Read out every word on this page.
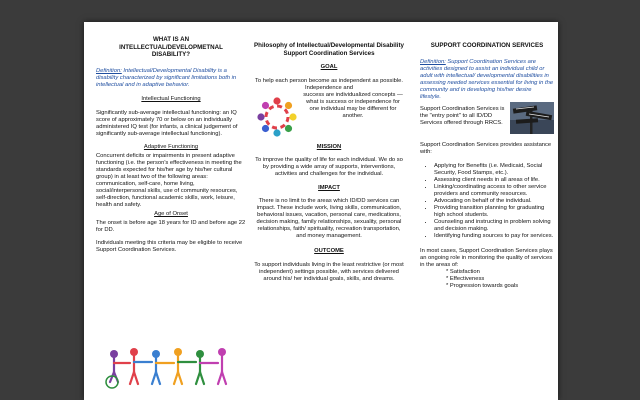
WHAT IS AN INTELLECTUAL/DEVELOPMETNAL DISABILITY?

Definition: Intellectual/Developmental Disability is a disability characterized by significant limitations both in intellectual and in adaptive behavior.

Intellectual Functioning

Significantly sub-average intellectual functioning: an IQ score of approximately 70 or below on an individually administered IQ test (for infants, a clinical judgement of significantly sub-average intellectual functioning).

Adaptive Functioning

Concurrent deficits or impairments in present adaptive functioning (i.e. the person's effectiveness in meeting the standards expected for his/her age by his/her cultural group) in at least two of the following areas: communication, self-care, home living, social/interpersonal skills, use of community resources, self-direction, functional academic skills, work, leisure, health and safety.

Age of Onset

The onset is before age 18 years for ID and before age 22 for DD.

Individuals meeting this criteria may be eligible to receive Support Coordination Services.

Philosophy of Intellectual/Developmental Disability Support Coordination Services
GOAL

To help each person become as independent as possible. Independence and

success are individualized concepts — what is success or independence for one individual may be different for another.

MISSION

To improve the quality of life for each individual. We do so by providing a wide array of supports, interventions, activities and challenges for the individual.

IMPACT

There is no limit to the areas which ID/DD services can impact. These include work, living skills, communication, behavioral issues, vacation, personal care, medications, decision making, family relationships, sexuality, personal relationships, faith/ spirituality, recreation transportation, and money management.

OUTCOME

To support individuals living in the least restrictive (or most independent) settings possible, with services delivered around his/ her individual goals, skills, and dreams.

SUPPORT COORDINATION SERVICES

Definition: Support Coordination Services are activities designed to assist an individual child or adult with intellectual/ developmental disabilities in assessing needed services essential for living in the community and in developing his/her desire lifestyle.

Support Coordination Services is the "entry point" to all ID/DD Services offered through RRCS.

Support Coordination Services provides assistance with:

• Applying for Benefits (i.e. Medicaid, Social Security, Food Stamps, etc.).
• Assessing client needs in all areas of life.
• Linking/coordinating access to other service providers and community resources.
• Advocating on behalf of the individual.
• Providing transition planning for graduating high school students.
• Counseling and instructing in problem solving and decision making.
• Identifying funding sources to pay for services.

In most cases, Support Coordination Services plays an ongoing role in monitoring the quality of services in the areas of:

* Satisfaction
* Effectiveness
* Progression towards goals
